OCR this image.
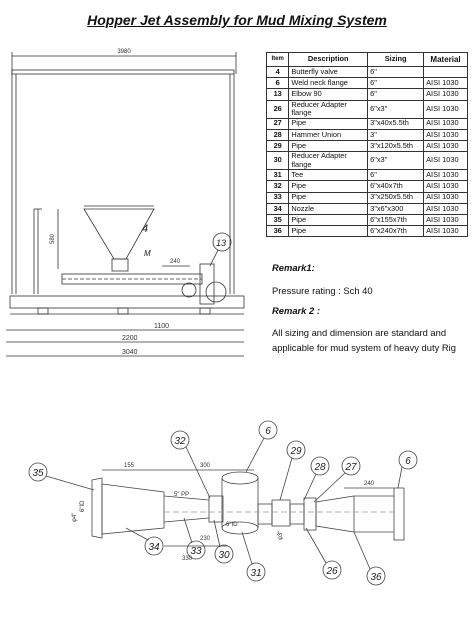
Hopper Jet Assembly for Mud Mixing System
3980
580
240
1100
2200
3040
4
M
13
Item	Description	Sizing	Material
4	Butterfly valve	6"	
6	Weld neck flange	6"	AISI 1030
13	Elbow 90	6"	AISI 1030
26	Reducer Adapter flange	6"x3"	AISI 1030
27	Pipe	3"x40x5.5th	AISI 1030
28	Hammer Union	3"	AISI 1030
29	Pipe	3"x120x5.5th	AISI 1030
30	Reducer Adapter flange	6"x3"	AISI 1030
31	Tee	6"	AISI 1030
32	Pipe	6"x40x7th	AISI 1030
33	Pipe	3"x250x5.5th	AISI 1030
34	Nozzle	3"x6"x300	AISI 1030
35	Pipe	6"x155x7th	AISI 1030
36	Pipe	6"x240x7th	AISI 1030

Remark1:

Pressure rating : Sch 40

Remark 2 :

All sizing and dimension are standard and applicable for mud system of heavy duty Rig

32
6
29
28 27
6
35
34	33 30
31	26
36
155	300
5" PP
6"ID
330
230
240
6"ID
φ3"
φ4"
